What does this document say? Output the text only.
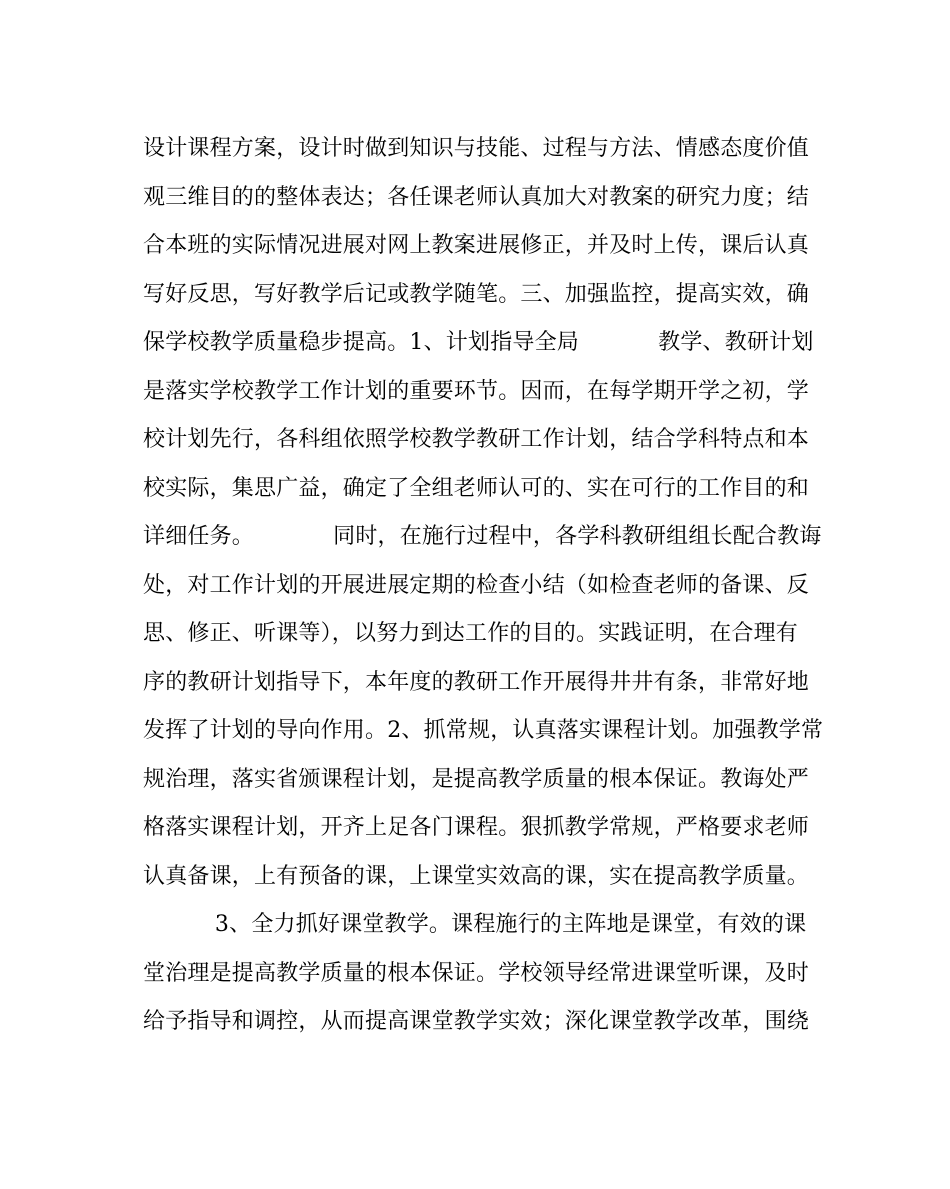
设计课程方案，设计时做到知识与技能、过程与方法、情感态度价值
观三维目的的整体表达；各任课老师认真加大对教案的研究力度；结
合本班的实际情况进展对网上教案进展修正，并及时上传，课后认真
写好反思，写好教学后记或教学随笔。三、加强监控，提高实效，确
保学校教学质量稳步提高。1、计划指导全局           教学、教研计划
是落实学校教学工作计划的重要环节。因而，在每学期开学之初，学
校计划先行，各科组依照学校教学教研工作计划，结合学科特点和本
校实际，集思广益，确定了全组老师认可的、实在可行的工作目的和
详细任务。           同时，在施行过程中，各学科教研组组长配合教诲
处，对工作计划的开展进展定期的检查小结（如检查老师的备课、反
思、修正、听课等），以努力到达工作的目的。实践证明，在合理有
序的教研计划指导下，本年度的教研工作开展得井井有条，非常好地
发挥了计划的导向作用。2、抓常规，认真落实课程计划。加强教学常
规治理，落实省颁课程计划，是提高教学质量的根本保证。教诲处严
格落实课程计划，开齐上足各门课程。狠抓教学常规，严格要求老师
认真备课，上有预备的课，上课堂实效高的课，实在提高教学质量。
3、全力抓好课堂教学。课程施行的主阵地是课堂，有效的课
堂治理是提高教学质量的根本保证。学校领导经常进课堂听课，及时
给予指导和调控，从而提高课堂教学实效；深化课堂教学改革，围绕
